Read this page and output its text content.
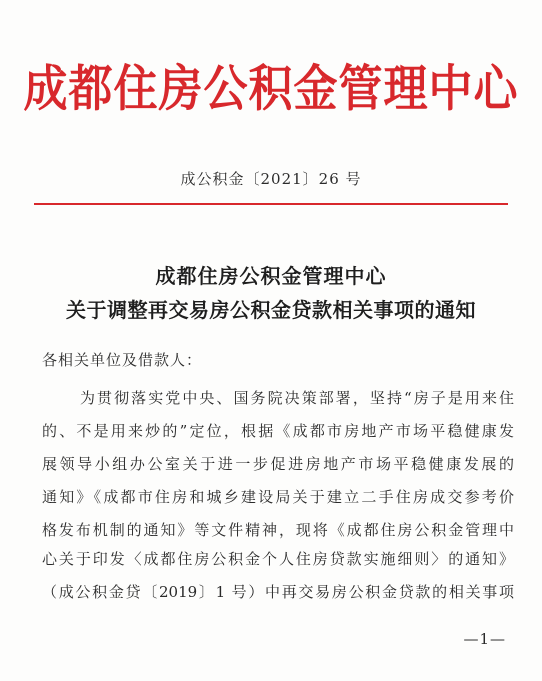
成都住房公积金管理中心
成公积金〔2021〕26 号
成都住房公积金管理中心
关于调整再交易房公积金贷款相关事项的通知
各相关单位及借款人：
为贯彻落实党中央、国务院决策部署，坚持“房子是用来住
的、不是用来炒的”定位，根据《成都市房地产市场平稳健康发
展领导小组办公室关于进一步促进房地产市场平稳健康发展的
通知》《成都市住房和城乡建设局关于建立二手住房成交参考价
格发布机制的通知》等文件精神，现将《成都住房公积金管理中
心关于印发〈成都住房公积金个人住房贷款实施细则〉的通知》
（成公积金贷〔2019〕1 号）中再交易房公积金贷款的相关事项
—1—
